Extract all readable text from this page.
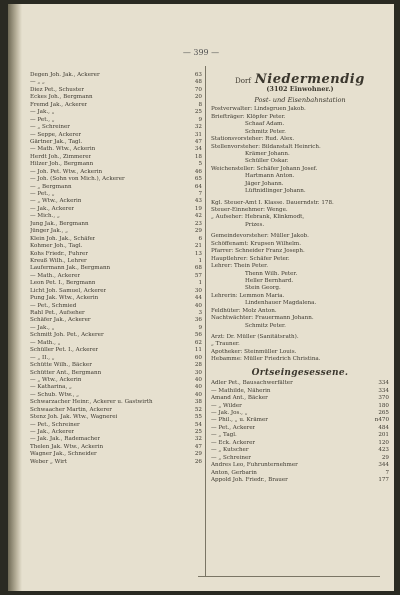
— 399 —
Degen Joh. Jak., Ackerer	63
— „ „	48
Diez Pet., Schuster	70
Eckes Joh., Bergmann	20
Fremd Jak., Ackerer	8
— Jak., „	25
— Pet., „	9
— „ Schreiner	32
— Seppe, Ackerer	31
Gärtner Jak., Tagl.	47
— Math. Wtw., Ackerin	34
Herdt Joh., Zimmerer	18
Hilzer Joh., Bergmann	5
— Joh. Pet. Wtw., Ackerin	46
— Joh. (Sohn von Mich.), Ackerer	65
— „ Bergmann	64
— Pet., „	7
— „ Wtw., Ackerin	43
— Jak., Ackerer	19
— Mich., „	42
Jung Jak., Bergmann	23
Jünger Jak., „	29
Klein Joh. Jak., Schäfer	6
Kohmer Joh., Tagl.	21
Kohs Friedr., Fuhrer	13
Kreuß Wilh., Lehrer	1
Laufermann Jak., Bergmann	68
— Math., Ackerer	57
Leon Pet. I., Bergmann	1
Licht Joh. Samuel, Ackerer	30
Pung Jak. Wtw., Ackerin	44
— Pet., Schmied	40
Rahl Pet., Aufseher	3
Schäfer Jak., Ackerer	36
— Jak., „	9
Schmitt Joh. Pet., Ackerer	56
— Math., „	62
Schüller Pet. I., Ackerer	11
— „ II., „	60
Schütte Wilh., Bäcker	28
Schütter Ant., Bergmann	30
— „ Wtw., Ackerin	40
— Katharina, „	40
— Schub. Wtw., „	40
Schwarzacher Heinr., Ackerer u. Gastwirth	38
Schwaacher Martin, Ackerer	52
Stenz Joh. Jak. Wtw., Wagnerei	55
— Pet., Schreiner	54
— Jak., Ackerer	25
— Jak. Jak., Rademacher	32
Thelen Jak. Wtw., Ackerin	47
Wagner Jak., Schneider	29
Weber „ Wirt	26
Dorf Niedermendig
(3102 Einwohner.)
Post- und Eisenbahnstation
Postverwalter: Lindsgruen Jakob.
Briefträger: Klöpfer Peter.
Schaaf Adam.
Schmitz Peter.
Stationsvorsteher: Rud. Alex.
Stellenvorsteher: Bildanstalt Heinrich.
Krämer Johann.
Schüller Oskar.
Weichensteller: Schäfer Johann Josef.
Hartmann Anton.
Jäger Johann.
Lüftnidlinger Johann.
Kgl. Steuer-Amt I. Klasse. Dauerndstr. 178.
Steuer-Einnehmer: Wenge.
„ Aufseher: Hebrank, Klinkmodt,
Prizes.
Gemeindevorsteher: Müller Jakob.
Schöffenamt: Krupsen Wilhelm.
Pfarrer: Schneider Franz Joseph.
Hauptlehrer: Schäfer Peter.
Lehrer: Thein Peter.
Thenn Wilh. Peter.
Heller Bernhard.
Stein Georg.
Lehrerin: Lemmon Maria.
Lindenhauer Magdalena.
Feldhüter: Molz Anton.
Nachtwächter: Frauermann Johann.
Schmitz Peter.
Arzt: Dr. Müller (Sanitätsrath).
„ Trauner.
Apotheker: Steinmüller Louis.
Hebamme: Müller Friedrich Christina.
Ortseingesessene.
Adler Pet., Bausachwerfälter	334
— Mathilde, Näherin	334
Amand Ant., Bäcker	370
— „ Wilder	180
— Jak. Jos., „	265
— Phil., „ u. Krämer	n470
— Pet., Ackerer	484
— „ Tagl.	201
— Eck. Ackerer	120
— „ Kutscher	423
— „ Schreiner	29
Andres Leo, Fuhrunternehmer	344
Anton, Gerbarin	7
Appold Joh. Friedr., Brauer	177
